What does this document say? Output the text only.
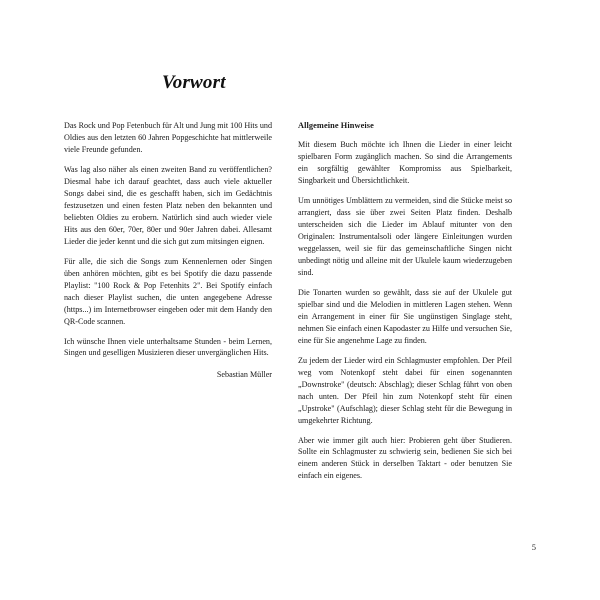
Vorwort

Das Rock und Pop Fetenbuch für Alt und Jung mit 100 Hits und Oldies aus den letzten 60 Jahren Popgeschichte hat mittlerweile viele Freunde gefunden.

Was lag also näher als einen zweiten Band zu veröffentlichen? Diesmal habe ich darauf geachtet, dass auch viele aktueller Songs dabei sind, die es geschafft haben, sich im Gedächtnis festzusetzen und einen festen Platz neben den bekannten und beliebten Oldies zu erobern. Natürlich sind auch wieder viele Hits aus den 60er, 70er, 80er und 90er Jahren dabei. Allesamt Lieder die jeder kennt und die sich gut zum mitsingen eignen.

Für alle, die sich die Songs zum Kennenlernen oder Singen üben anhören möchten, gibt es bei Spotify die dazu passende Playlist: "100 Rock & Pop Fetenhits 2". Bei Spotify einfach nach dieser Playlist suchen, die unten angegebene Adresse (https...) im Internetbrowser eingeben oder mit dem Handy den QR-Code scannen.

Ich wünsche Ihnen viele unterhaltsame Stunden - beim Lernen, Singen und geselligen Musizieren dieser unvergänglichen Hits.

Sebastian Müller

Allgemeine Hinweise

Mit diesem Buch möchte ich Ihnen die Lieder in einer leicht spielbaren Form zugänglich machen. So sind die Arrangements ein sorgfältig gewählter Kompromiss aus Spielbarkeit, Singbarkeit und Übersichtlichkeit.

Um unnötiges Umblättern zu vermeiden, sind die Stücke meist so arrangiert, dass sie über zwei Seiten Platz finden. Deshalb unterscheiden sich die Lieder im Ablauf mitunter von den Originalen: Instrumentalsoli oder längere Einleitungen wurden weggelassen, weil sie für das gemeinschaftliche Singen nicht unbedingt nötig und alleine mit der Ukulele kaum wiederzugeben sind.

Die Tonarten wurden so gewählt, dass sie auf der Ukulele gut spielbar sind und die Melodien in mittleren Lagen stehen. Wenn ein Arrangement in einer für Sie ungünstigen Singlage steht, nehmen Sie einfach einen Kapodaster zu Hilfe und versuchen Sie, eine für Sie angenehme Lage zu finden.

Zu jedem der Lieder wird ein Schlagmuster empfohlen. Der Pfeil weg vom Notenkopf steht dabei für einen sogenannten „Downstroke" (deutsch: Abschlag); dieser Schlag führt von oben nach unten. Der Pfeil hin zum Notenkopf steht für einen „Upstroke" (Aufschlag); dieser Schlag steht für die Bewegung in umgekehrter Richtung.

Aber wie immer gilt auch hier: Probieren geht über Studieren. Sollte ein Schlagmuster zu schwierig sein, bedienen Sie sich bei einem anderen Stück in derselben Taktart - oder benutzen Sie einfach ein eigenes.

5
